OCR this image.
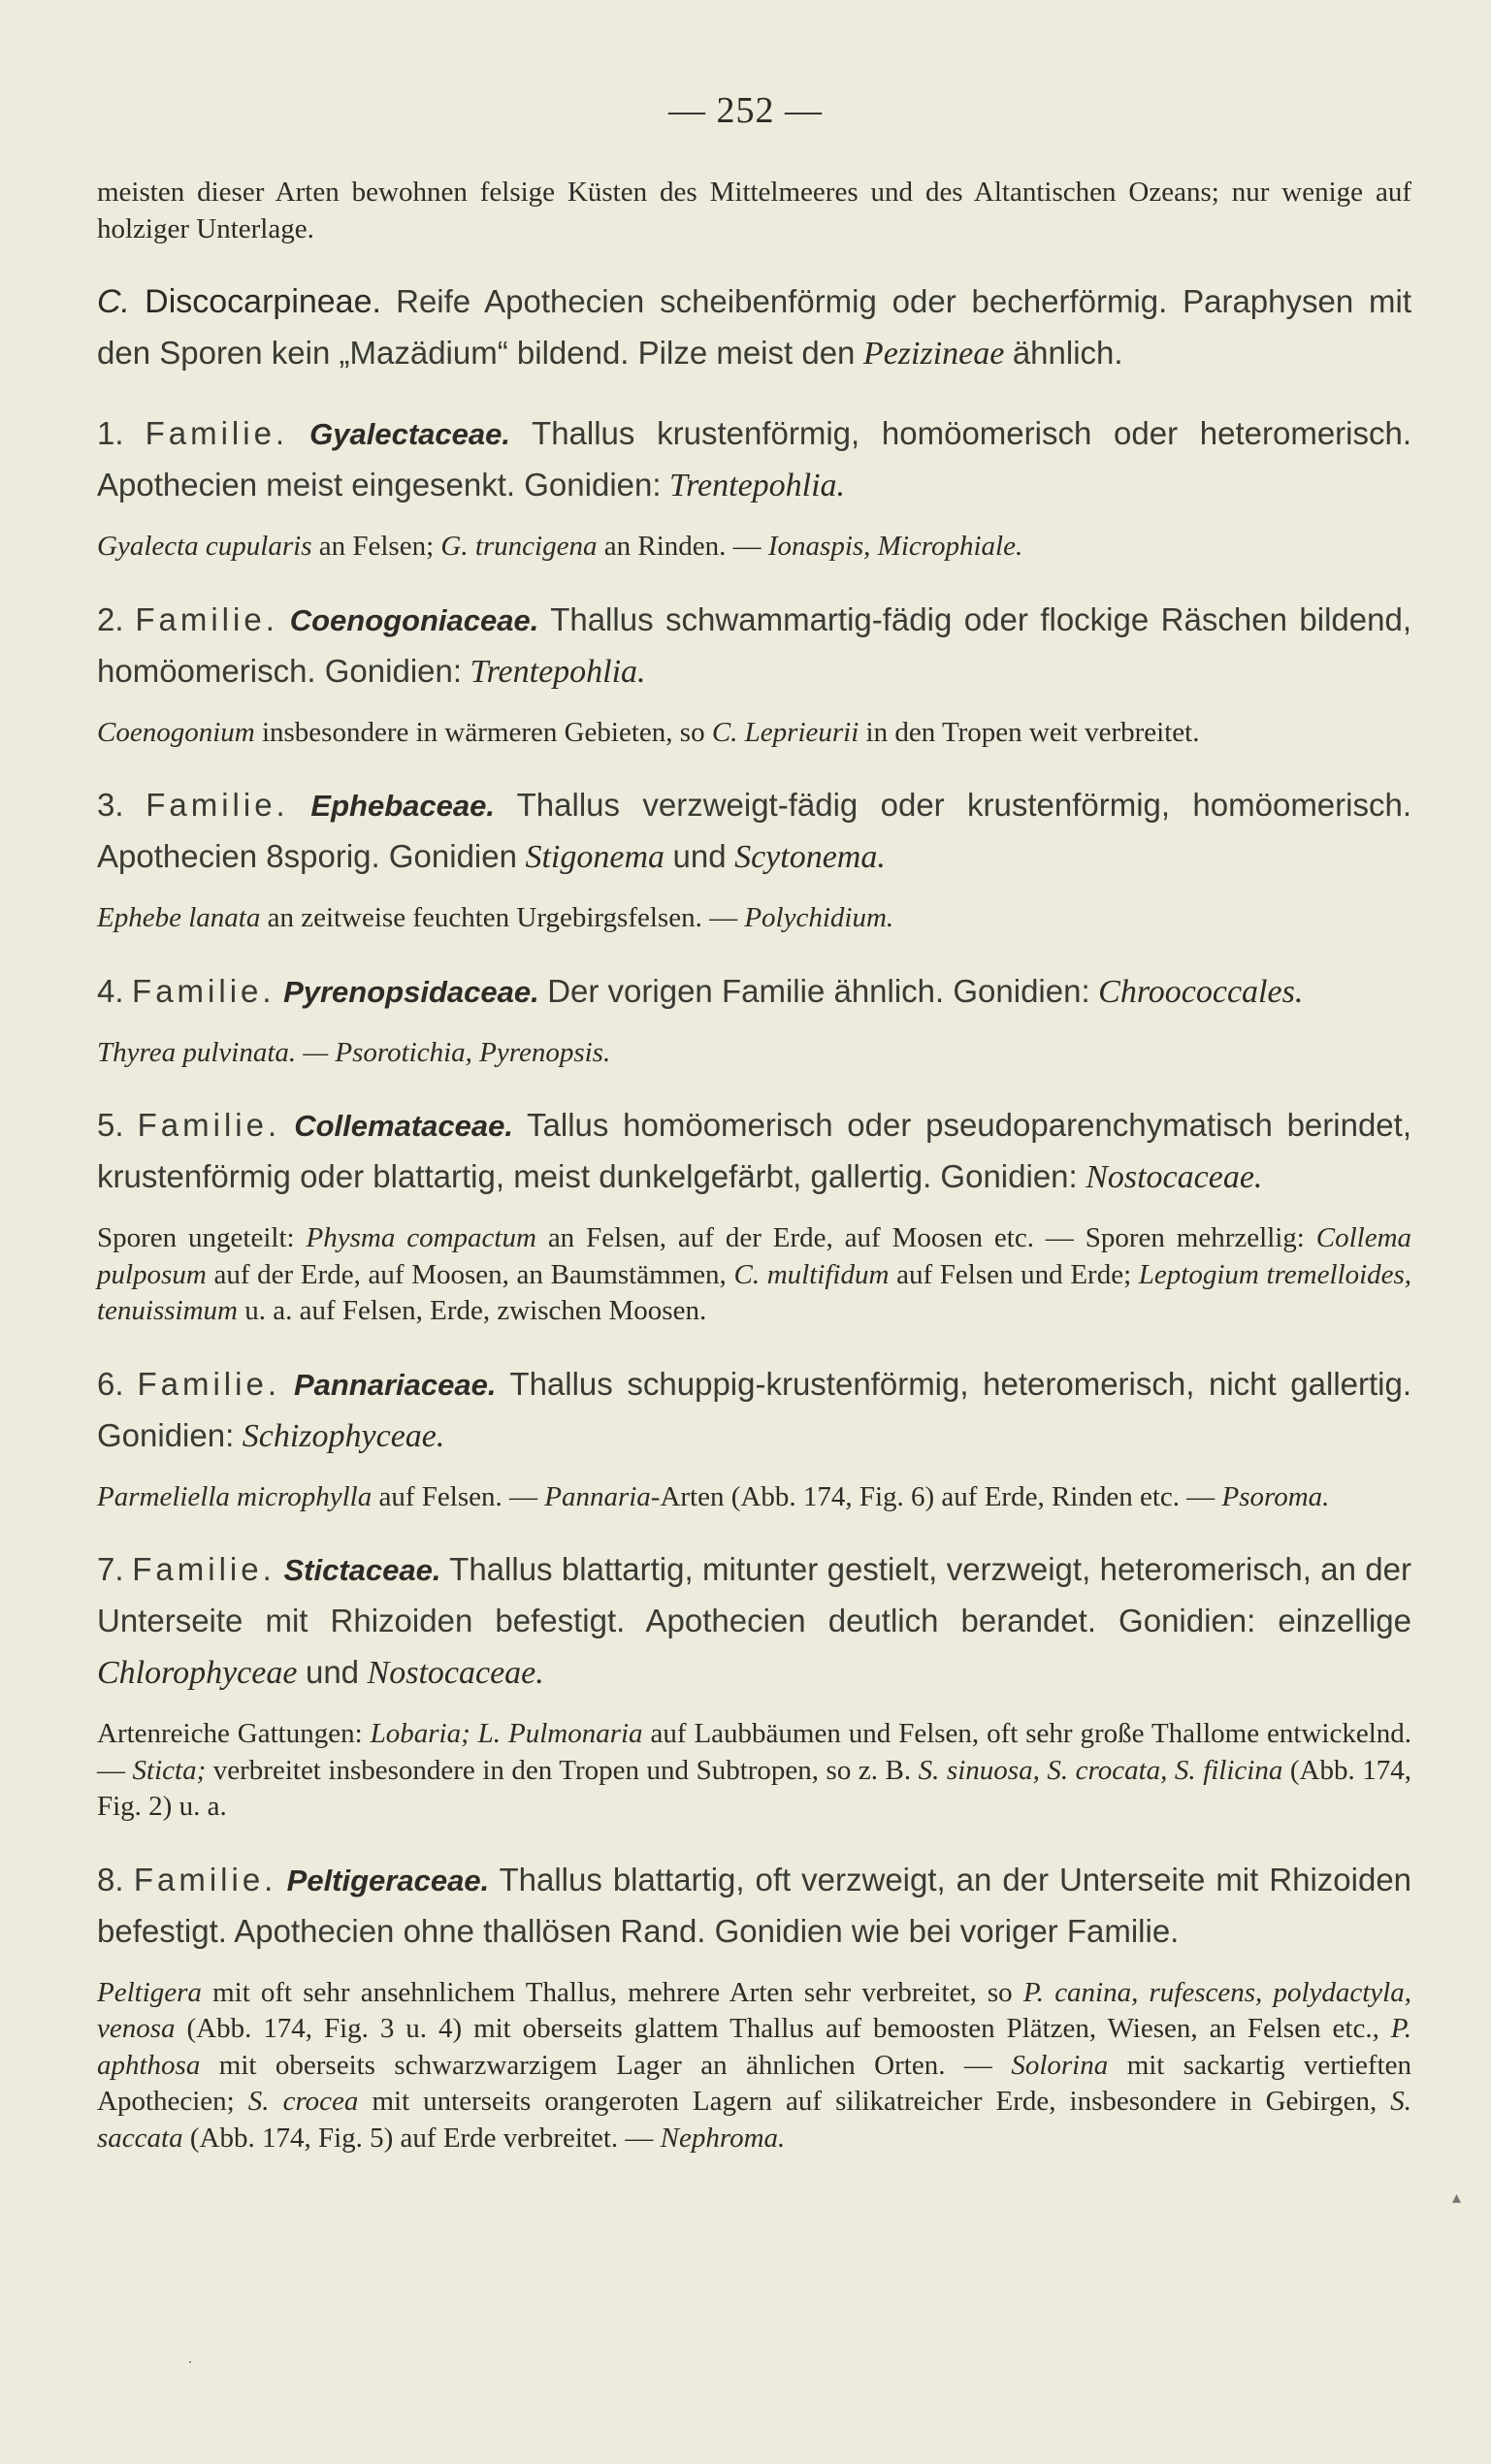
— 252 —

meisten dieser Arten bewohnen felsige Küsten des Mittelmeeres und des Altantischen Ozeans; nur wenige auf holziger Unterlage.

C. Discocarpineae. Reife Apothecien scheibenförmig oder becherförmig. Paraphysen mit den Sporen kein „Mazädium“ bildend. Pilze meist den Pezizineae ähnlich.

1. Familie. Gyalectaceae. Thallus krustenförmig, homöomerisch oder heteromerisch. Apothecien meist eingesenkt. Gonidien: Trentepohlia.

Gyalecta cupularis an Felsen; G. truncigena an Rinden. — Ionaspis, Microphiale.

2. Familie. Coenogoniaceae. Thallus schwammartig-fädig oder flockige Räschen bildend, homöomerisch. Gonidien: Trentepohlia.

Coenogonium insbesondere in wärmeren Gebieten, so C. Leprieurii in den Tropen weit verbreitet.

3. Familie. Ephebaceae. Thallus verzweigt-fädig oder krustenförmig, homöomerisch. Apothecien 8sporig. Gonidien Stigonema und Scytonema.

Ephebe lanata an zeitweise feuchten Urgebirgsfelsen. — Polychidium.

4. Familie. Pyrenopsidaceae. Der vorigen Familie ähnlich. Gonidien: Chroococcales.

Thyrea pulvinata. — Psorotichia, Pyrenopsis.

5. Familie. Collemataceae. Tallus homöomerisch oder pseudoparenchymatisch berindet, krustenförmig oder blattartig, meist dunkelgefärbt, gallertig. Gonidien: Nostocaceae.

Sporen ungeteilt: Physma compactum an Felsen, auf der Erde, auf Moosen etc. — Sporen mehrzellig: Collema pulposum auf der Erde, auf Moosen, an Baumstämmen, C. multifidum auf Felsen und Erde; Leptogium tremelloides, tenuissimum u. a. auf Felsen, Erde, zwischen Moosen.

6. Familie. Pannariaceae. Thallus schuppig-krustenförmig, heteromerisch, nicht gallertig. Gonidien: Schizophyceae.

Parmeliella microphylla auf Felsen. — Pannaria-Arten (Abb. 174, Fig. 6) auf Erde, Rinden etc. — Psoroma.

7. Familie. Stictaceae. Thallus blattartig, mitunter gestielt, verzweigt, heteromerisch, an der Unterseite mit Rhizoiden befestigt. Apothecien deutlich berandet. Gonidien: einzellige Chlorophyceae und Nostocaceae.

Artenreiche Gattungen: Lobaria; L. Pulmonaria auf Laubbäumen und Felsen, oft sehr große Thallome entwickelnd. — Sticta; verbreitet insbesondere in den Tropen und Subtropen, so z. B. S. sinuosa, S. crocata, S. filicina (Abb. 174, Fig. 2) u. a.

8. Familie. Peltigeraceae. Thallus blattartig, oft verzweigt, an der Unterseite mit Rhizoiden befestigt. Apothecien ohne thallösen Rand. Gonidien wie bei voriger Familie.

Peltigera mit oft sehr ansehnlichem Thallus, mehrere Arten sehr verbreitet, so P. canina, rufescens, polydactyla, venosa (Abb. 174, Fig. 3 u. 4) mit oberseits glattem Thallus auf bemoosten Plätzen, Wiesen, an Felsen etc., P. aphthosa mit oberseits schwarzwarzigem Lager an ähnlichen Orten. — Solorina mit sackartig vertieften Apothecien; S. crocea mit unterseits orangeroten Lagern auf silikatreicher Erde, insbesondere in Gebirgen, S. saccata (Abb. 174, Fig. 5) auf Erde verbreitet. — Nephroma.

▴
·
